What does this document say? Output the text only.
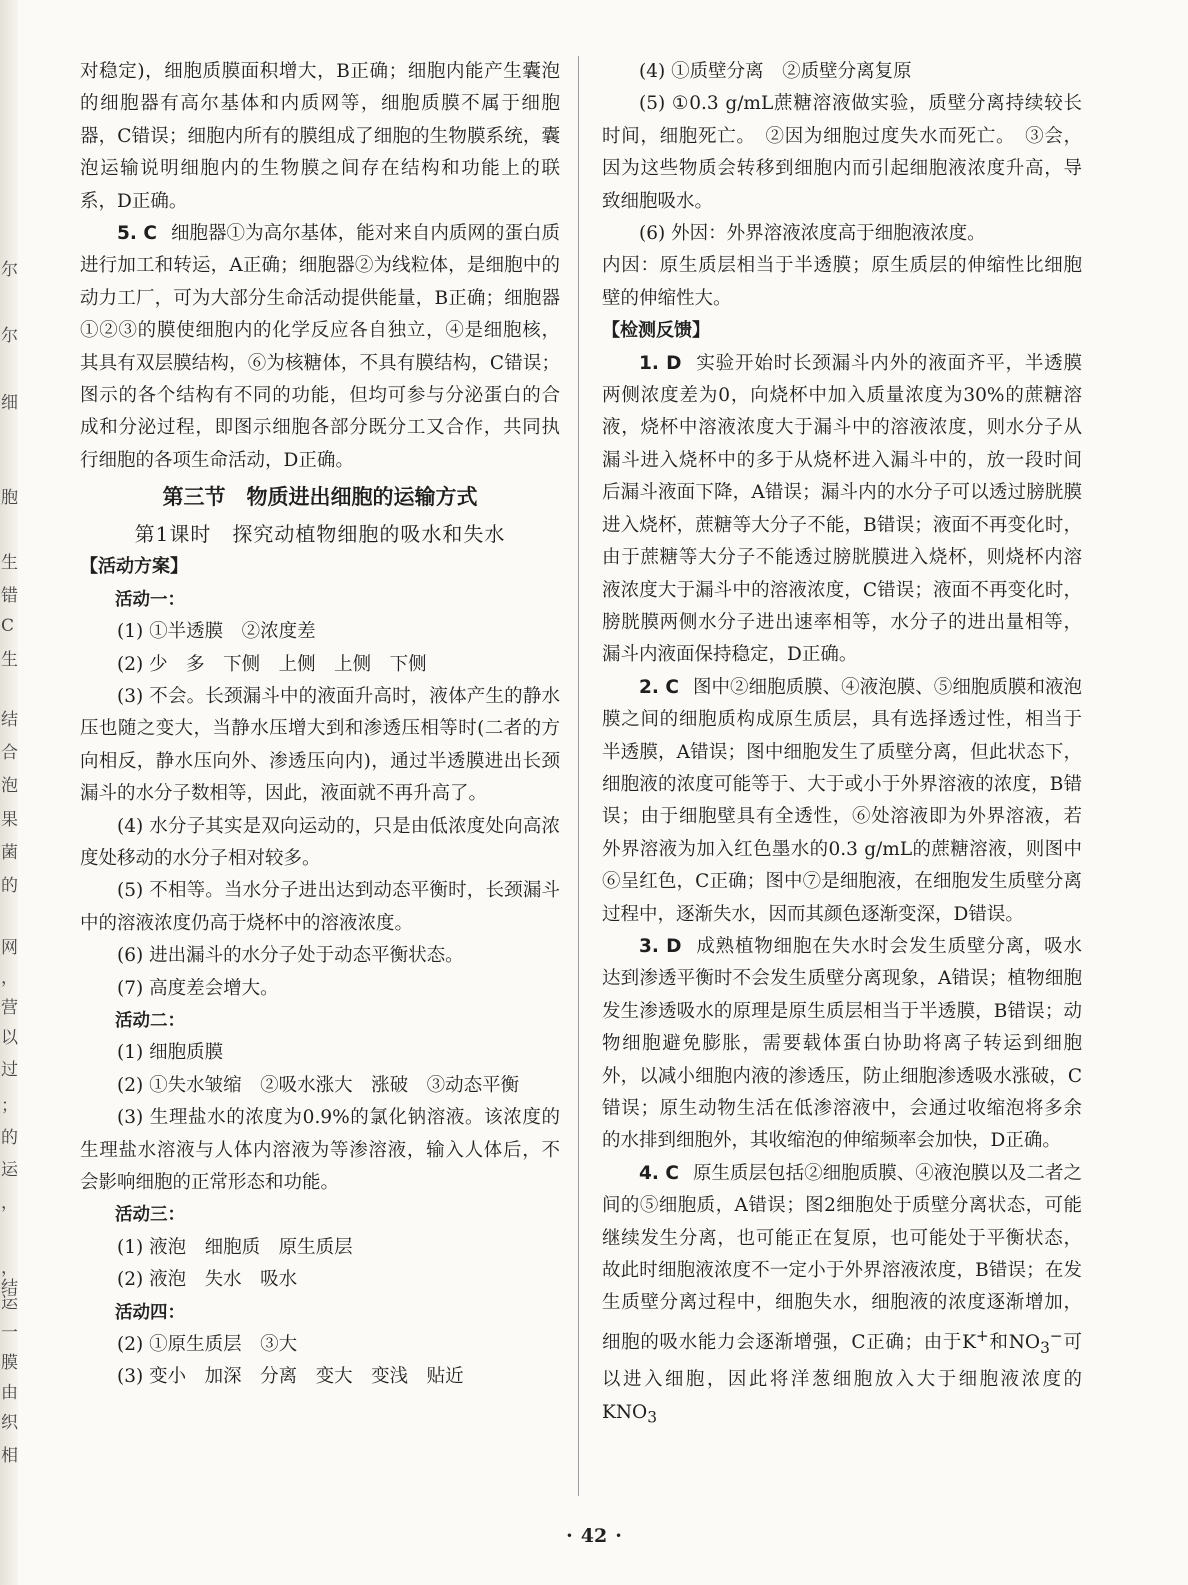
尔
尔
细
胞
生
错
C
生
结
合
泡
果
菌
的
网
，
营
以
过
；
的
运
，
，
结
运
一
膜
由
织
相

对稳定)，细胞质膜面积增大，B正确；细胞内能产生囊泡的细胞器有高尔基体和内质网等，细胞质膜不属于细胞器，C错误；细胞内所有的膜组成了细胞的生物膜系统，囊泡运输说明细胞内的生物膜之间存在结构和功能上的联系，D正确。

5. C 细胞器①为高尔基体，能对来自内质网的蛋白质进行加工和转运，A正确；细胞器②为线粒体，是细胞中的动力工厂，可为大部分生命活动提供能量，B正确；细胞器①②③的膜使细胞内的化学反应各自独立，④是细胞核，其具有双层膜结构，⑥为核糖体，不具有膜结构，C错误；图示的各个结构有不同的功能，但均可参与分泌蛋白的合成和分泌过程，即图示细胞各部分既分工又合作，共同执行细胞的各项生命活动，D正确。

第三节　物质进出细胞的运输方式
第1课时　探究动植物细胞的吸水和失水

【活动方案】

活动一：

(1) ①半透膜　②浓度差

(2) 少　多　下侧　上侧　上侧　下侧

(3) 不会。长颈漏斗中的液面升高时，液体产生的静水压也随之变大，当静水压增大到和渗透压相等时(二者的方向相反，静水压向外、渗透压向内)，通过半透膜进出长颈漏斗的水分子数相等，因此，液面就不再升高了。

(4) 水分子其实是双向运动的，只是由低浓度处向高浓度处移动的水分子相对较多。

(5) 不相等。当水分子进出达到动态平衡时，长颈漏斗中的溶液浓度仍高于烧杯中的溶液浓度。

(6) 进出漏斗的水分子处于动态平衡状态。

(7) 高度差会增大。

活动二：

(1) 细胞质膜

(2) ①失水皱缩　②吸水涨大　涨破　③动态平衡

(3) 生理盐水的浓度为0.9%的氯化钠溶液。该浓度的生理盐水溶液与人体内溶液为等渗溶液，输入人体后，不会影响细胞的正常形态和功能。

活动三：

(1) 液泡　细胞质　原生质层

(2) 液泡　失水　吸水

活动四：

(2) ①原生质层　③大

(3) 变小　加深　分离　变大　变浅　贴近

(4) ①质壁分离　②质壁分离复原

(5) ①0.3 g/mL蔗糖溶液做实验，质壁分离持续较长时间，细胞死亡。　②因为细胞过度失水而死亡。　③会，因为这些物质会转移到细胞内而引起细胞液浓度升高，导致细胞吸水。

(6) 外因：外界溶液浓度高于细胞液浓度。

内因：原生质层相当于半透膜；原生质层的伸缩性比细胞壁的伸缩性大。

【检测反馈】

1. D 实验开始时长颈漏斗内外的液面齐平，半透膜两侧浓度差为0，向烧杯中加入质量浓度为30%的蔗糖溶液，烧杯中溶液浓度大于漏斗中的溶液浓度，则水分子从漏斗进入烧杯中的多于从烧杯进入漏斗中的，放一段时间后漏斗液面下降，A错误；漏斗内的水分子可以透过膀胱膜进入烧杯，蔗糖等大分子不能，B错误；液面不再变化时，由于蔗糖等大分子不能透过膀胱膜进入烧杯，则烧杯内溶液浓度大于漏斗中的溶液浓度，C错误；液面不再变化时，膀胱膜两侧水分子进出速率相等，水分子的进出量相等，漏斗内液面保持稳定，D正确。

2. C 图中②细胞质膜、④液泡膜、⑤细胞质膜和液泡膜之间的细胞质构成原生质层，具有选择透过性，相当于半透膜，A错误；图中细胞发生了质壁分离，但此状态下，细胞液的浓度可能等于、大于或小于外界溶液的浓度，B错误；由于细胞壁具有全透性，⑥处溶液即为外界溶液，若外界溶液为加入红色墨水的0.3 g/mL的蔗糖溶液，则图中⑥呈红色，C正确；图中⑦是细胞液，在细胞发生质壁分离过程中，逐渐失水，因而其颜色逐渐变深，D错误。

3. D 成熟植物细胞在失水时会发生质壁分离，吸水达到渗透平衡时不会发生质壁分离现象，A错误；植物细胞发生渗透吸水的原理是原生质层相当于半透膜，B错误；动物细胞避免膨胀，需要载体蛋白协助将离子转运到细胞外，以减小细胞内液的渗透压，防止细胞渗透吸水涨破，C错误；原生动物生活在低渗溶液中，会通过收缩泡将多余的水排到细胞外，其收缩泡的伸缩频率会加快，D正确。

4. C 原生质层包括②细胞质膜、④液泡膜以及二者之间的⑤细胞质，A错误；图2细胞处于质壁分离状态，可能继续发生分离，也可能正在复原，也可能处于平衡状态，故此时细胞液浓度不一定小于外界溶液浓度，B错误；在发生质壁分离过程中，细胞失水，细胞液的浓度逐渐增加，细胞的吸水能力会逐渐增强，C正确；由于K+和$NO_3^-$可以进入细胞，因此将洋葱细胞放入大于细胞液浓度的$KNO_3$

· 42 ·
